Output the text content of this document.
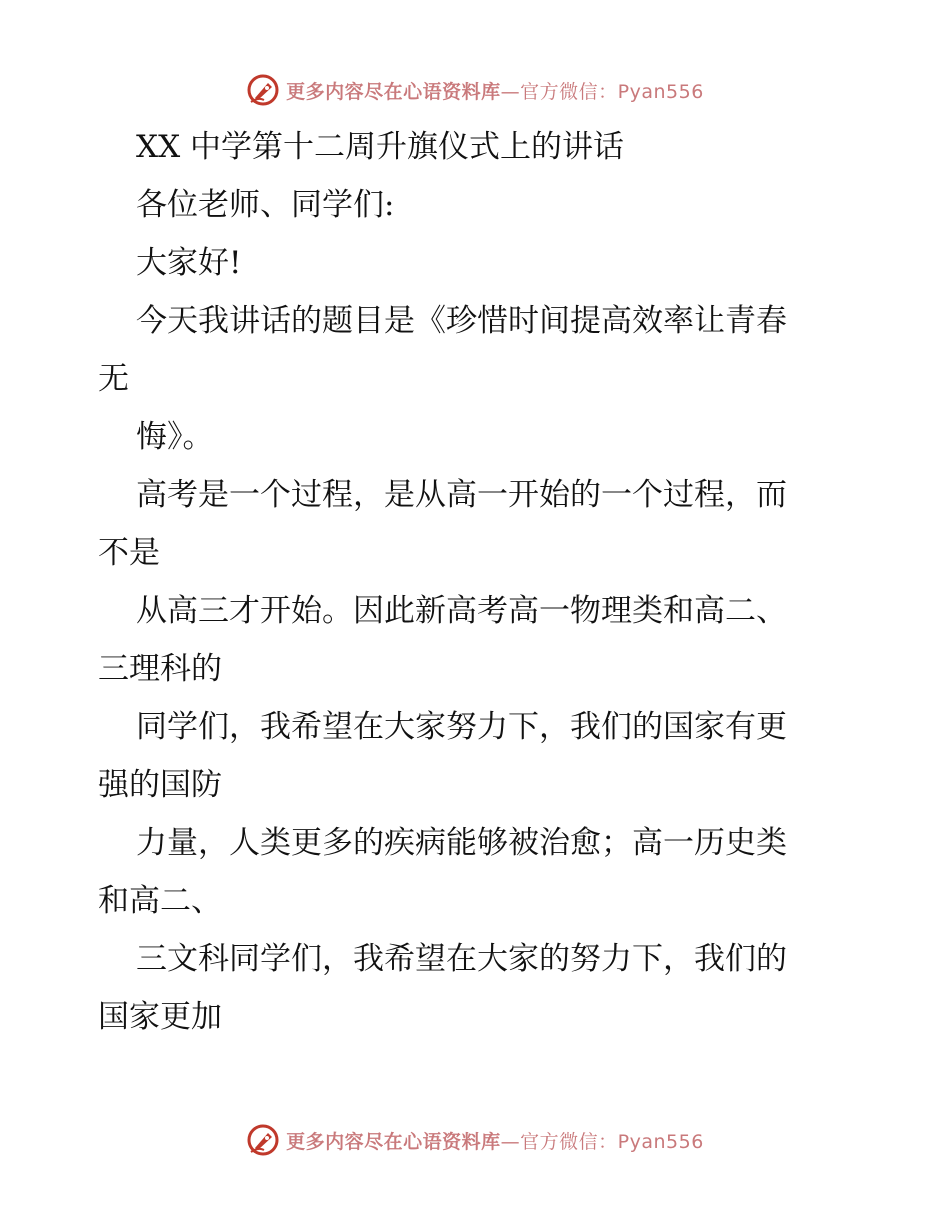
更多内容尽在心语资料库—官方微信：Pyan556
XX 中学第十二周升旗仪式上的讲话
各位老师、同学们:
大家好!
今天我讲话的题目是《珍惜时间提高效率让青春
无
悔》。
高考是一个过程，是从高一开始的一个过程，而
不是
从高三才开始。因此新高考高一物理类和高二、
三理科的
同学们，我希望在大家努力下，我们的国家有更
强的国防
力量，人类更多的疾病能够被治愈；高一历史类
和高二、
三文科同学们，我希望在大家的努力下，我们的
国家更加
更多内容尽在心语资料库—官方微信：Pyan556
